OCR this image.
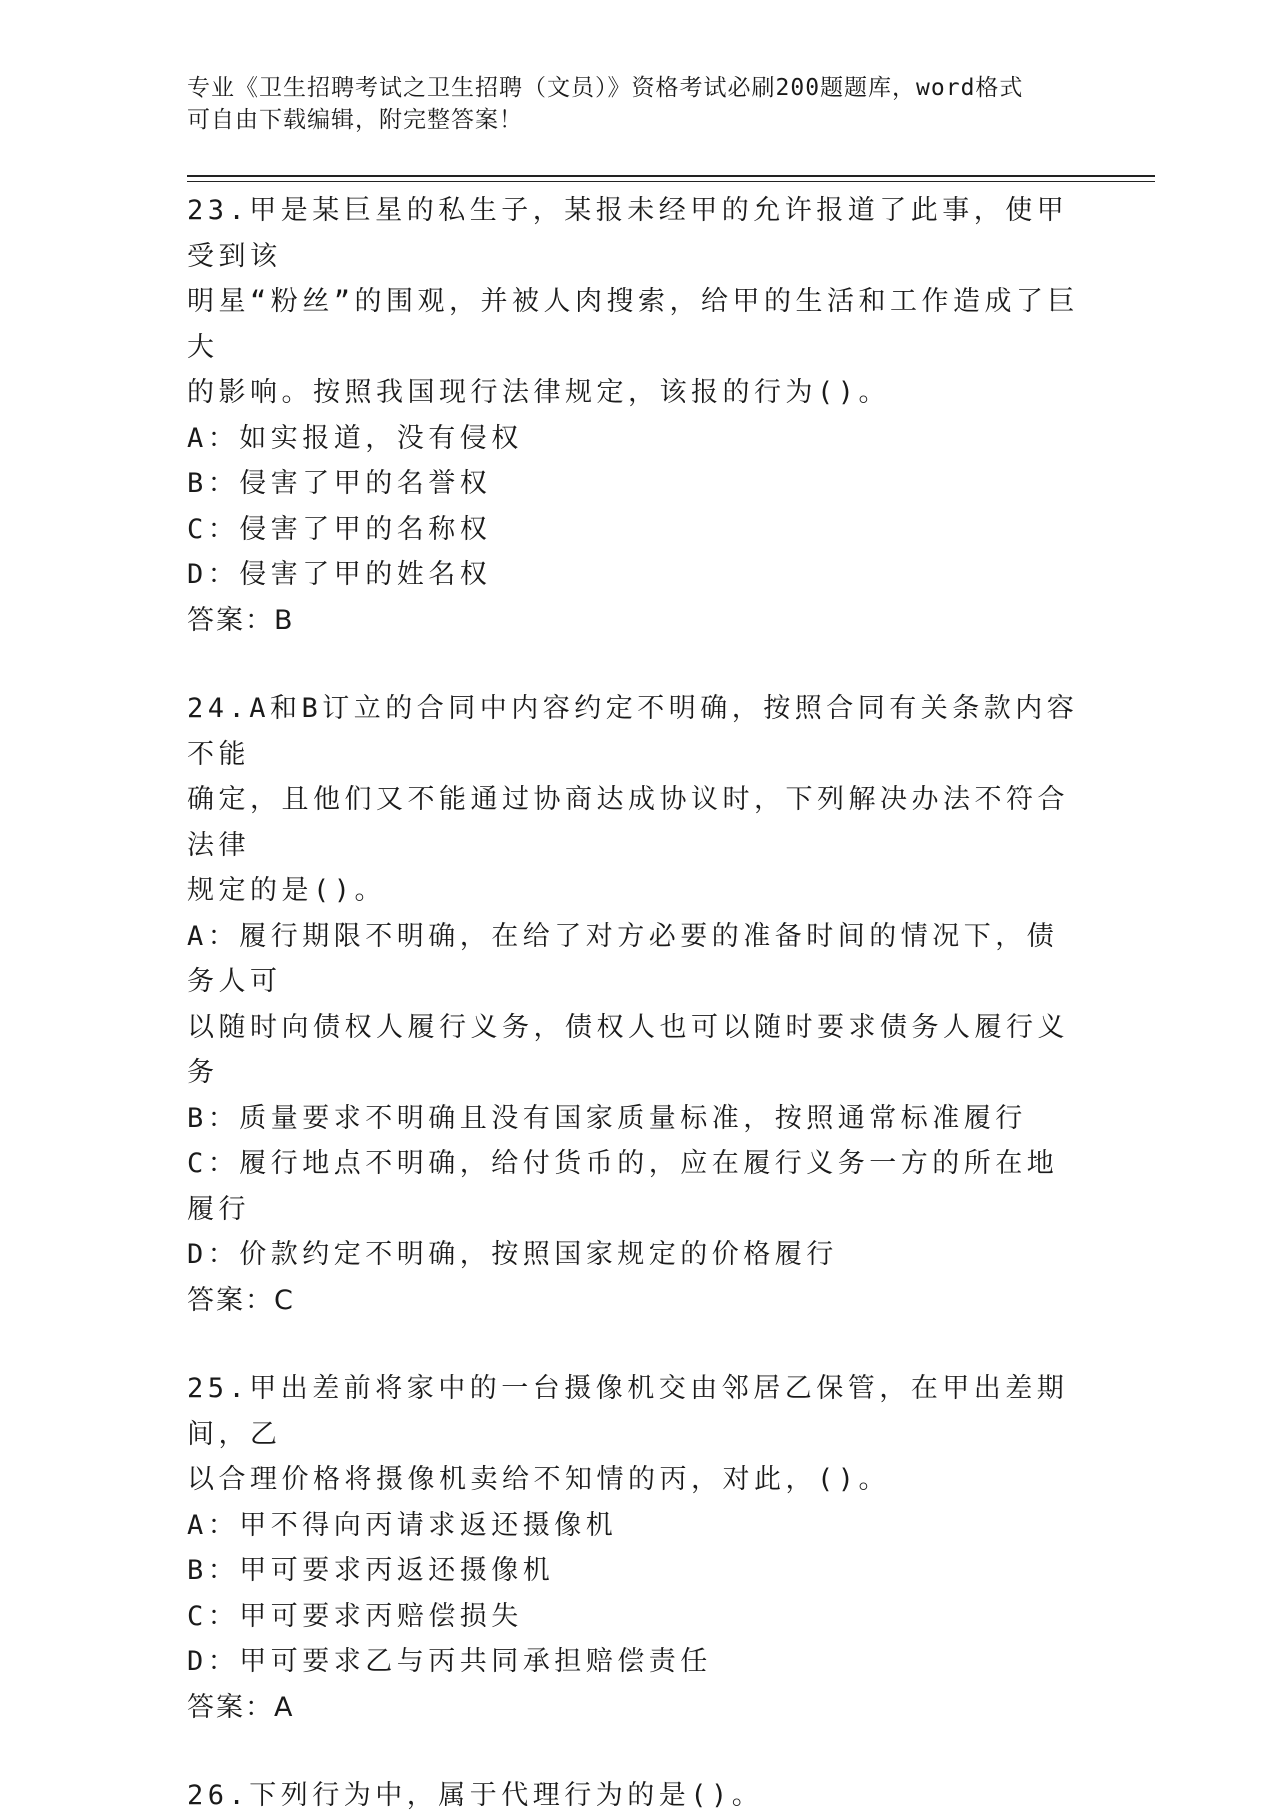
专业《卫生招聘考试之卫生招聘（文员）》资格考试必刷200题题库，word格式
可自由下载编辑，附完整答案！

23.甲是某巨星的私生子，某报未经甲的允许报道了此事，使甲受到该

明星“粉丝”的围观，并被人肉搜索，给甲的生活和工作造成了巨大

的影响。按照我国现行法律规定，该报的行为()。

A：如实报道，没有侵权

B：侵害了甲的名誉权

C：侵害了甲的名称权

D：侵害了甲的姓名权

答案：B

24.A和B订立的合同中内容约定不明确，按照合同有关条款内容不能

确定，且他们又不能通过协商达成协议时，下列解决办法不符合法律

规定的是()。

A：履行期限不明确，在给了对方必要的准备时间的情况下，债务人可

以随时向债权人履行义务，债权人也可以随时要求债务人履行义务

B：质量要求不明确且没有国家质量标准，按照通常标准履行

C：履行地点不明确，给付货币的，应在履行义务一方的所在地履行

D：价款约定不明确，按照国家规定的价格履行

答案：C

25.甲出差前将家中的一台摄像机交由邻居乙保管，在甲出差期间，乙

以合理价格将摄像机卖给不知情的丙，对此，()。

A：甲不得向丙请求返还摄像机

B：甲可要求丙返还摄像机

C：甲可要求丙赔偿损失

D：甲可要求乙与丙共同承担赔偿责任

答案：A

26.下列行为中，属于代理行为的是()。
